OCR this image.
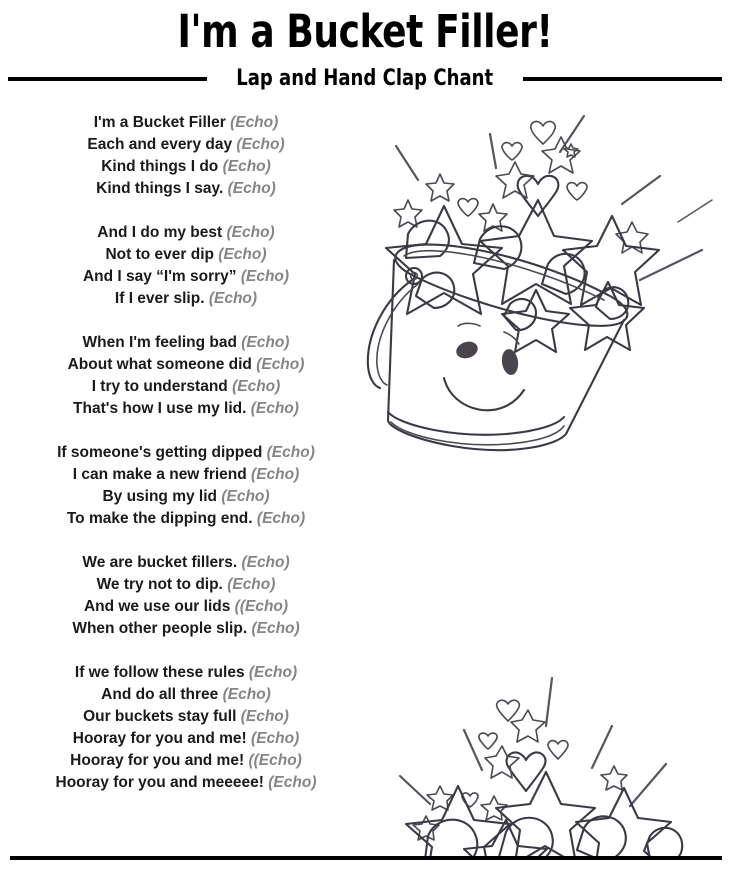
I'm a Bucket Filler!
Lap and Hand Clap Chant
I'm a Bucket Filler (Echo)
Each and every day (Echo)
Kind things I do (Echo)
Kind things I say. (Echo)
And I do my best (Echo)
Not to ever dip (Echo)
And I say “I'm sorry” (Echo)
If I ever slip. (Echo)
When I'm feeling bad (Echo)
About what someone did (Echo)
I try to understand (Echo)
That's how I use my lid. (Echo)
If someone's getting dipped (Echo)
I can make a new friend (Echo)
By using my lid (Echo)
To make the dipping end. (Echo)
We are bucket fillers. (Echo)
We try not to dip. (Echo)
And we use our lids ((Echo)
When other people slip. (Echo)
If we follow these rules (Echo)
And do all three (Echo)
Our buckets stay full (Echo)
Hooray for you and me! (Echo)
Hooray for you and me! ((Echo)
Hooray for you and meeeee! (Echo)
